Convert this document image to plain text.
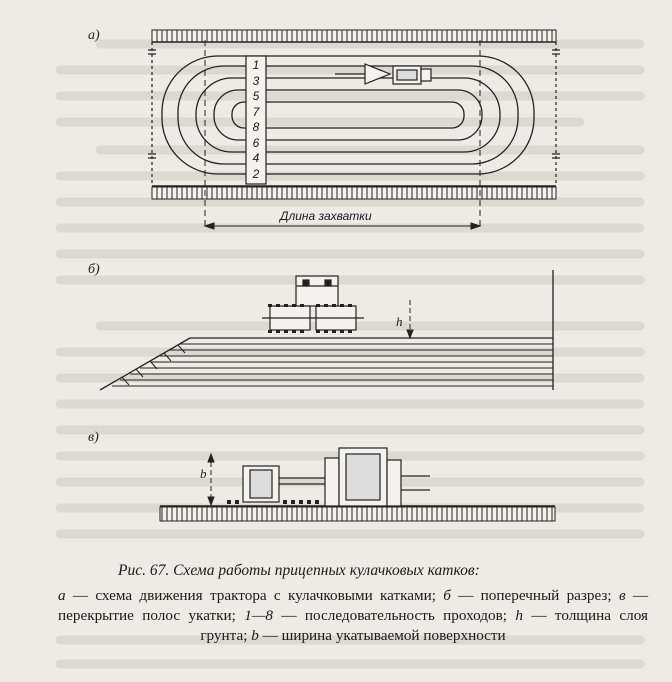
а)
1
3
5
7
8
6
4
2
Длина захватки
б)
h
в)
b
Рис. 67. Схема работы прицепных кулачковых катков:
а — схема движения трактора с кулачковыми катками; б — поперечный разрез; в — перекрытие полос укатки; 1—8 — последовательность проходов; h — толщина слоя грунта; b — ширина укатываемой поверхности
